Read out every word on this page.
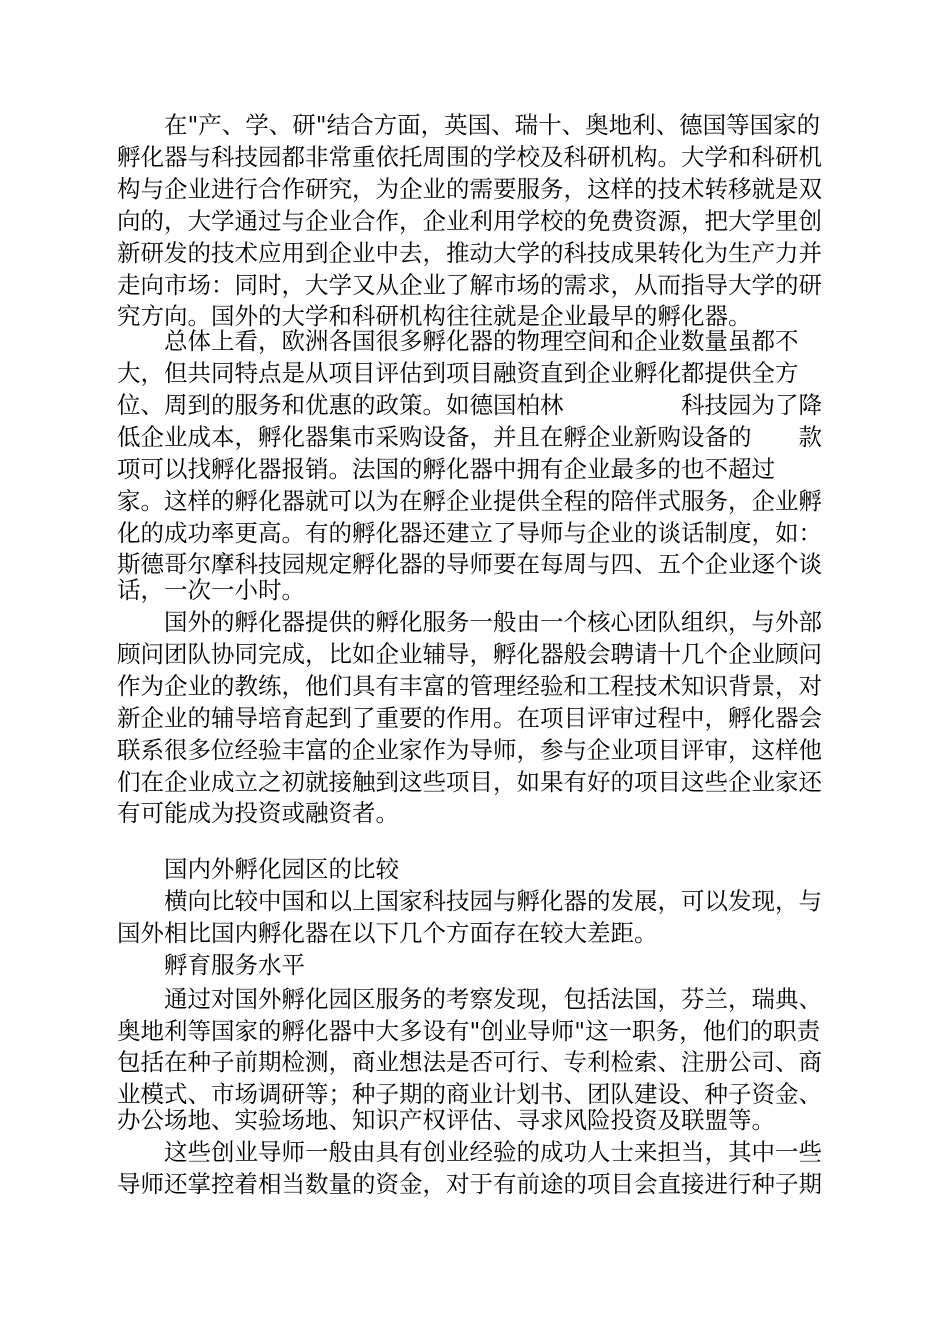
　　在"产、学、研"结合方面，英国、瑞十、奥地利、德国等国家的
孵化器与科技园都非常重依托周围的学校及科研机构。大学和科研机
构与企业进行合作研究，为企业的需要服务，这样的技术转移就是双
向的，大学通过与企业合作，企业利用学校的免费资源，把大学里创
新研发的技术应用到企业中去，推动大学的科技成果转化为生产力并
走向市场：同时，大学又从企业了解市场的需求，从而指导大学的研
究方向。国外的大学和科研机构往往就是企业最早的孵化器。
　　总体上看，欧洲各国很多孵化器的物理空间和企业数量虽都不
大，但共同特点是从项目评估到项目融资直到企业孵化都提供全方
位、周到的服务和优惠的政策。如德国柏林　　　　　科技园为了降
低企业成本，孵化器集巿采购设备，并且在孵企业新购设备的　　款
项可以找孵化器报销。法国的孵化器中拥有企业最多的也不超过
家。这样的孵化器就可以为在孵企业提供全程的陪伴式服务，企业孵
化的成功率更高。有的孵化器还建立了导师与企业的谈话制度，如：
斯德哥尔摩科技园规定孵化器的导师要在每周与四、五个企业逐个谈
话，一次一小时。
　　国外的孵化器提供的孵化服务一般由一个核心团队组织，与外部
顾问团队协同完成，比如企业辅导，孵化器般会聘请十几个企业顾问
作为企业的教练，他们具有丰富的管理经验和工程技术知识背景，对
新企业的辅导培育起到了重要的作用。在项目评审过程中，孵化器会
联系很多位经验丰富的企业家作为导师，参与企业项目评审，这样他
们在企业成立之初就接触到这些项目，如果有好的项目这些企业家还
有可能成为投资或融资者。
　　国内外孵化园区的比较
　　横向比较中国和以上国家科技园与孵化器的发展，可以发现，与
国外相比国内孵化器在以下几个方面存在较大差距。
　　孵育服务水平
　　通过对国外孵化园区服务的考察发现，包括法国，芬兰，瑞典、
奥地利等国家的孵化器中大多设有"创业导师"这一职务，他们的职责
包括在种子前期检测，商业想法是否可行、专利检索、注册公司、商
业模式、市场调研等；种子期的商业计划书、团队建设、种子资金、
办公场地、实验场地、知识产权评估、寻求风险投资及联盟等。
　　这些创业导师一般由具有创业经验的成功人士来担当，其中一些
导师还掌控着相当数量的资金，对于有前途的项目会直接进行种子期
